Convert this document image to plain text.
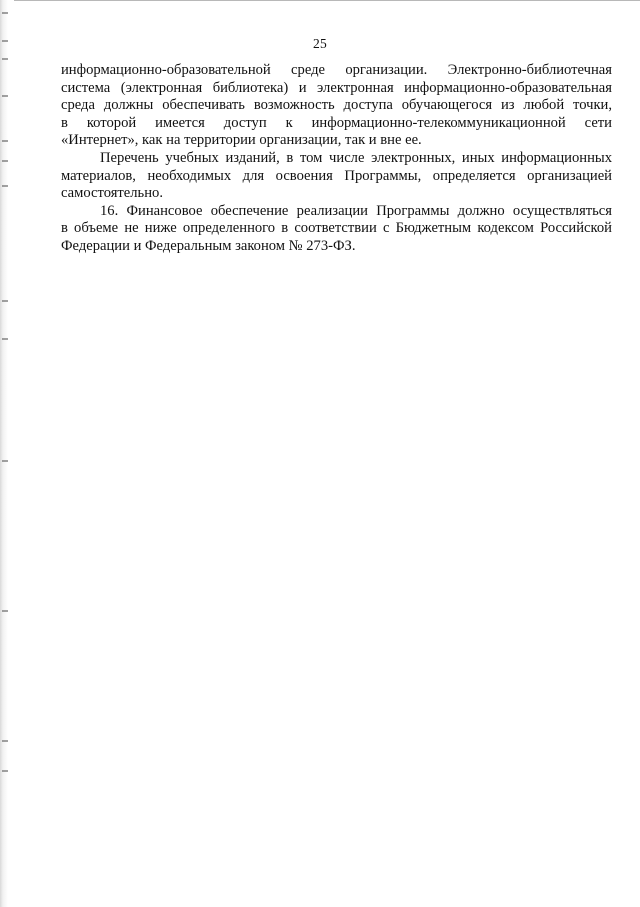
25

информационно-образовательной среде организации. Электронно-библиотечная

система (электронная библиотека) и электронная информационно-образовательная

среда должны обеспечивать возможность доступа обучающегося из любой точки,

в которой имеется доступ к информационно-телекоммуникационной сети

«Интернет», как на территории организации, так и вне ее.

Перечень учебных изданий, в том числе электронных, иных информационных

материалов, необходимых для освоения Программы, определяется организацией

самостоятельно.

16. Финансовое обеспечение реализации Программы должно осуществляться

в объеме не ниже определенного в соответствии с Бюджетным кодексом Российской

Федерации и Федеральным законом № 273-ФЗ.
